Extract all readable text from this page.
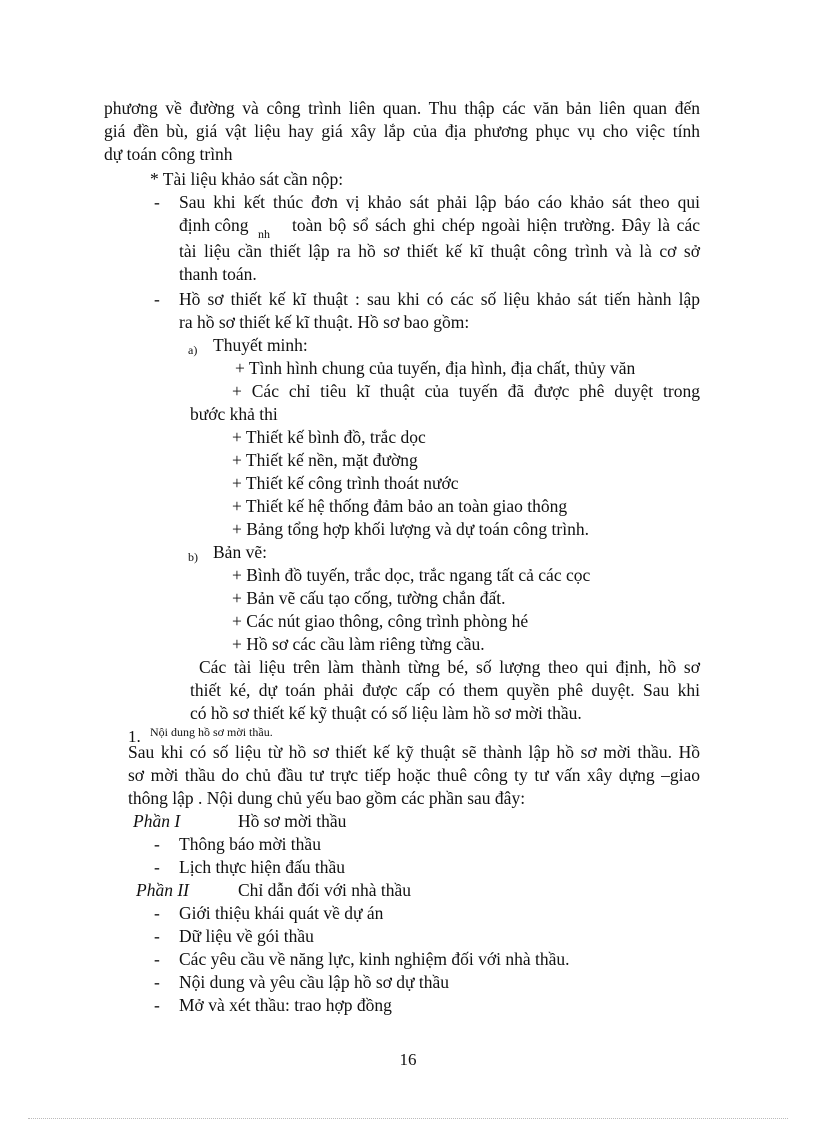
phương về đường và công trình liên quan. Thu thập các văn bản liên quan đến
giá đền bù, giá vật liệu hay giá xây lắp của địa phương phục vụ cho việc tính
dự toán công trình
* Tài liệu khảo sát cần nộp:
- Sau khi kết thúc đơn vị khảo sát phải lập báo cáo khảo sát theo qui
định công nh toàn bộ sổ sách ghi chép ngoài hiện trường. Đây là các
tài liệu cần thiết lập ra hồ sơ thiết kế kĩ thuật công trình và là cơ sở
thanh toán.
- Hồ sơ thiết kế kĩ thuật : sau khi có các số liệu khảo sát tiến hành lập
ra hồ sơ thiết kế kĩ thuật. Hồ sơ bao gồm:
a) Thuyết minh:
+ Tình hình chung của tuyến, địa hình, địa chất, thủy văn
+ Các chỉ tiêu kĩ thuật của tuyến đã được phê duyệt trong
bước khả thi
+ Thiết kế bình đồ, trắc dọc
+ Thiết kế nền, mặt đường
+ Thiết kế công trình thoát nước
+ Thiết kế hệ thống đảm bảo an toàn giao thông
+ Bảng tổng hợp khối lượng và dự toán công trình.
b) Bản vẽ:
+ Bình đồ tuyến, trắc dọc, trắc ngang tất cả các cọc
+ Bản vẽ cấu tạo cống, tường chắn đất.
+ Các nút giao thông, công trình phòng hé
+ Hồ sơ các cầu làm riêng từng cầu.
Các tài liệu trên làm thành từng bé, số lượng theo qui định, hồ sơ
thiết ké, dự toán phải được cấp có them quyền phê duyệt. Sau khi
có hồ sơ thiết kế kỹ thuật có số liệu làm hồ sơ mời thầu.
1. Nội dung hồ sơ mời thầu.
Sau khi có số liệu từ hồ sơ thiết kế kỹ thuật sẽ thành lập hồ sơ mời thầu. Hồ
sơ mời thầu do chủ đầu tư trực tiếp hoặc thuê công ty tư vấn xây dựng –giao
thông lập . Nội dung chủ yếu bao gồm các phần sau đây:
Phần I	Hồ sơ mời thầu
- Thông báo mời thầu
- Lịch thực hiện đấu thầu
Phần II	Chỉ dẫn đối với nhà thầu
- Giới thiệu khái quát về dự án
- Dữ liệu về gói thầu
- Các yêu cầu về năng lực, kinh nghiệm đối với nhà thầu.
- Nội dung và yêu cầu lập hồ sơ dự thầu
- Mở và xét thầu: trao hợp đồng
16
